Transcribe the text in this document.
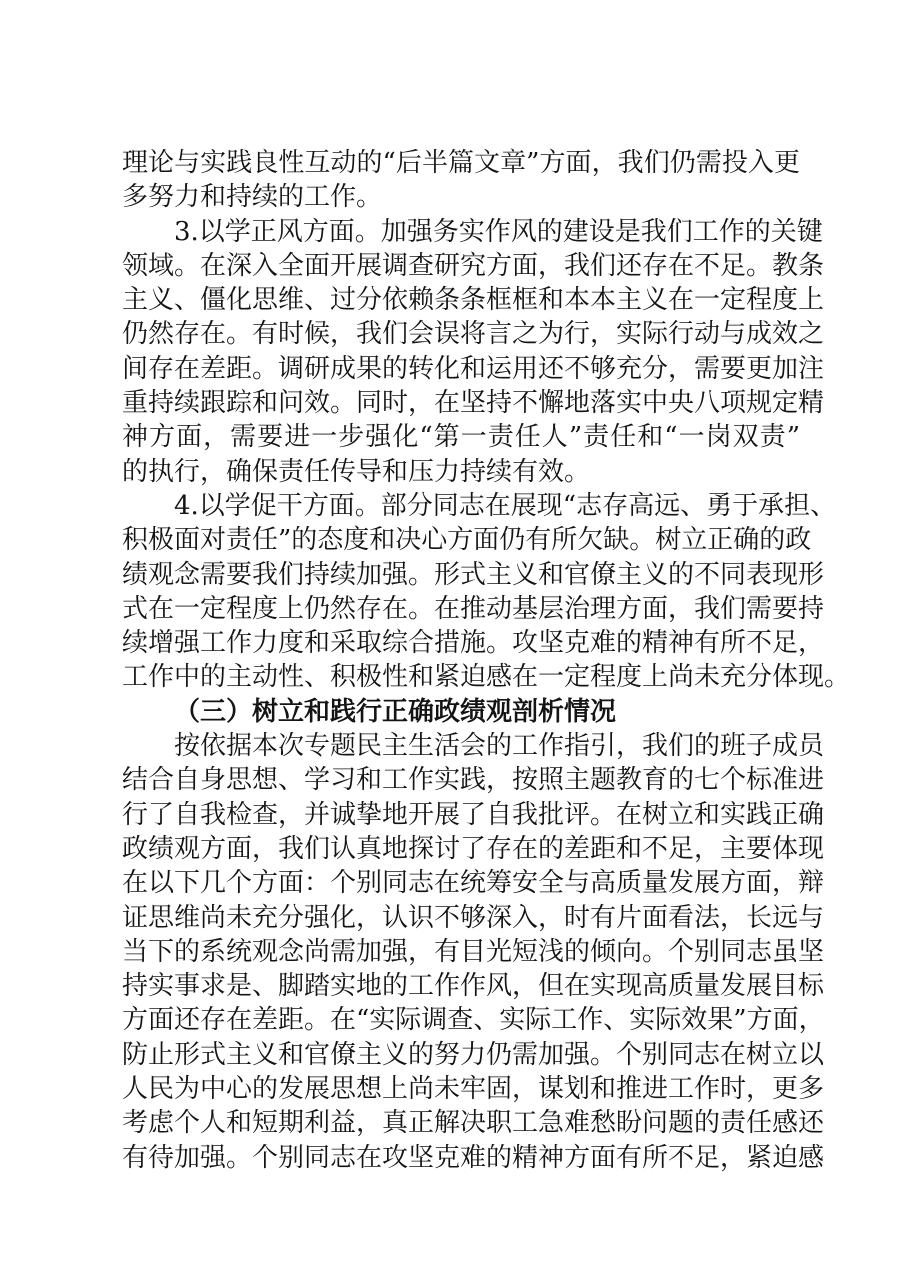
理论与实践良性互动的“后半篇文章”方面，我们仍需投入更
多努力和持续的工作。
3.以学正风方面。加强务实作风的建设是我们工作的关键
领域。在深入全面开展调查研究方面，我们还存在不足。教条
主义、僵化思维、过分依赖条条框框和本本主义在一定程度上
仍然存在。有时候，我们会误将言之为行，实际行动与成效之
间存在差距。调研成果的转化和运用还不够充分，需要更加注
重持续跟踪和问效。同时，在坚持不懈地落实中央八项规定精
神方面，需要进一步强化“第一责任人”责任和“一岗双责”
的执行，确保责任传导和压力持续有效。
4.以学促干方面。部分同志在展现“志存高远、勇于承担、
积极面对责任”的态度和决心方面仍有所欠缺。树立正确的政
绩观念需要我们持续加强。形式主义和官僚主义的不同表现形
式在一定程度上仍然存在。在推动基层治理方面，我们需要持
续增强工作力度和采取综合措施。攻坚克难的精神有所不足，
工作中的主动性、积极性和紧迫感在一定程度上尚未充分体现。
（三）树立和践行正确政绩观剖析情况
按依据本次专题民主生活会的工作指引，我们的班子成员
结合自身思想、学习和工作实践，按照主题教育的七个标准进
行了自我检查，并诚挚地开展了自我批评。在树立和实践正确
政绩观方面，我们认真地探讨了存在的差距和不足，主要体现
在以下几个方面：个别同志在统筹安全与高质量发展方面，辩
证思维尚未充分强化，认识不够深入，时有片面看法，长远与
当下的系统观念尚需加强，有目光短浅的倾向。个别同志虽坚
持实事求是、脚踏实地的工作作风，但在实现高质量发展目标
方面还存在差距。在“实际调查、实际工作、实际效果”方面，
防止形式主义和官僚主义的努力仍需加强。个别同志在树立以
人民为中心的发展思想上尚未牢固，谋划和推进工作时，更多
考虑个人和短期利益，真正解决职工急难愁盼问题的责任感还
有待加强。个别同志在攻坚克难的精神方面有所不足，紧迫感
